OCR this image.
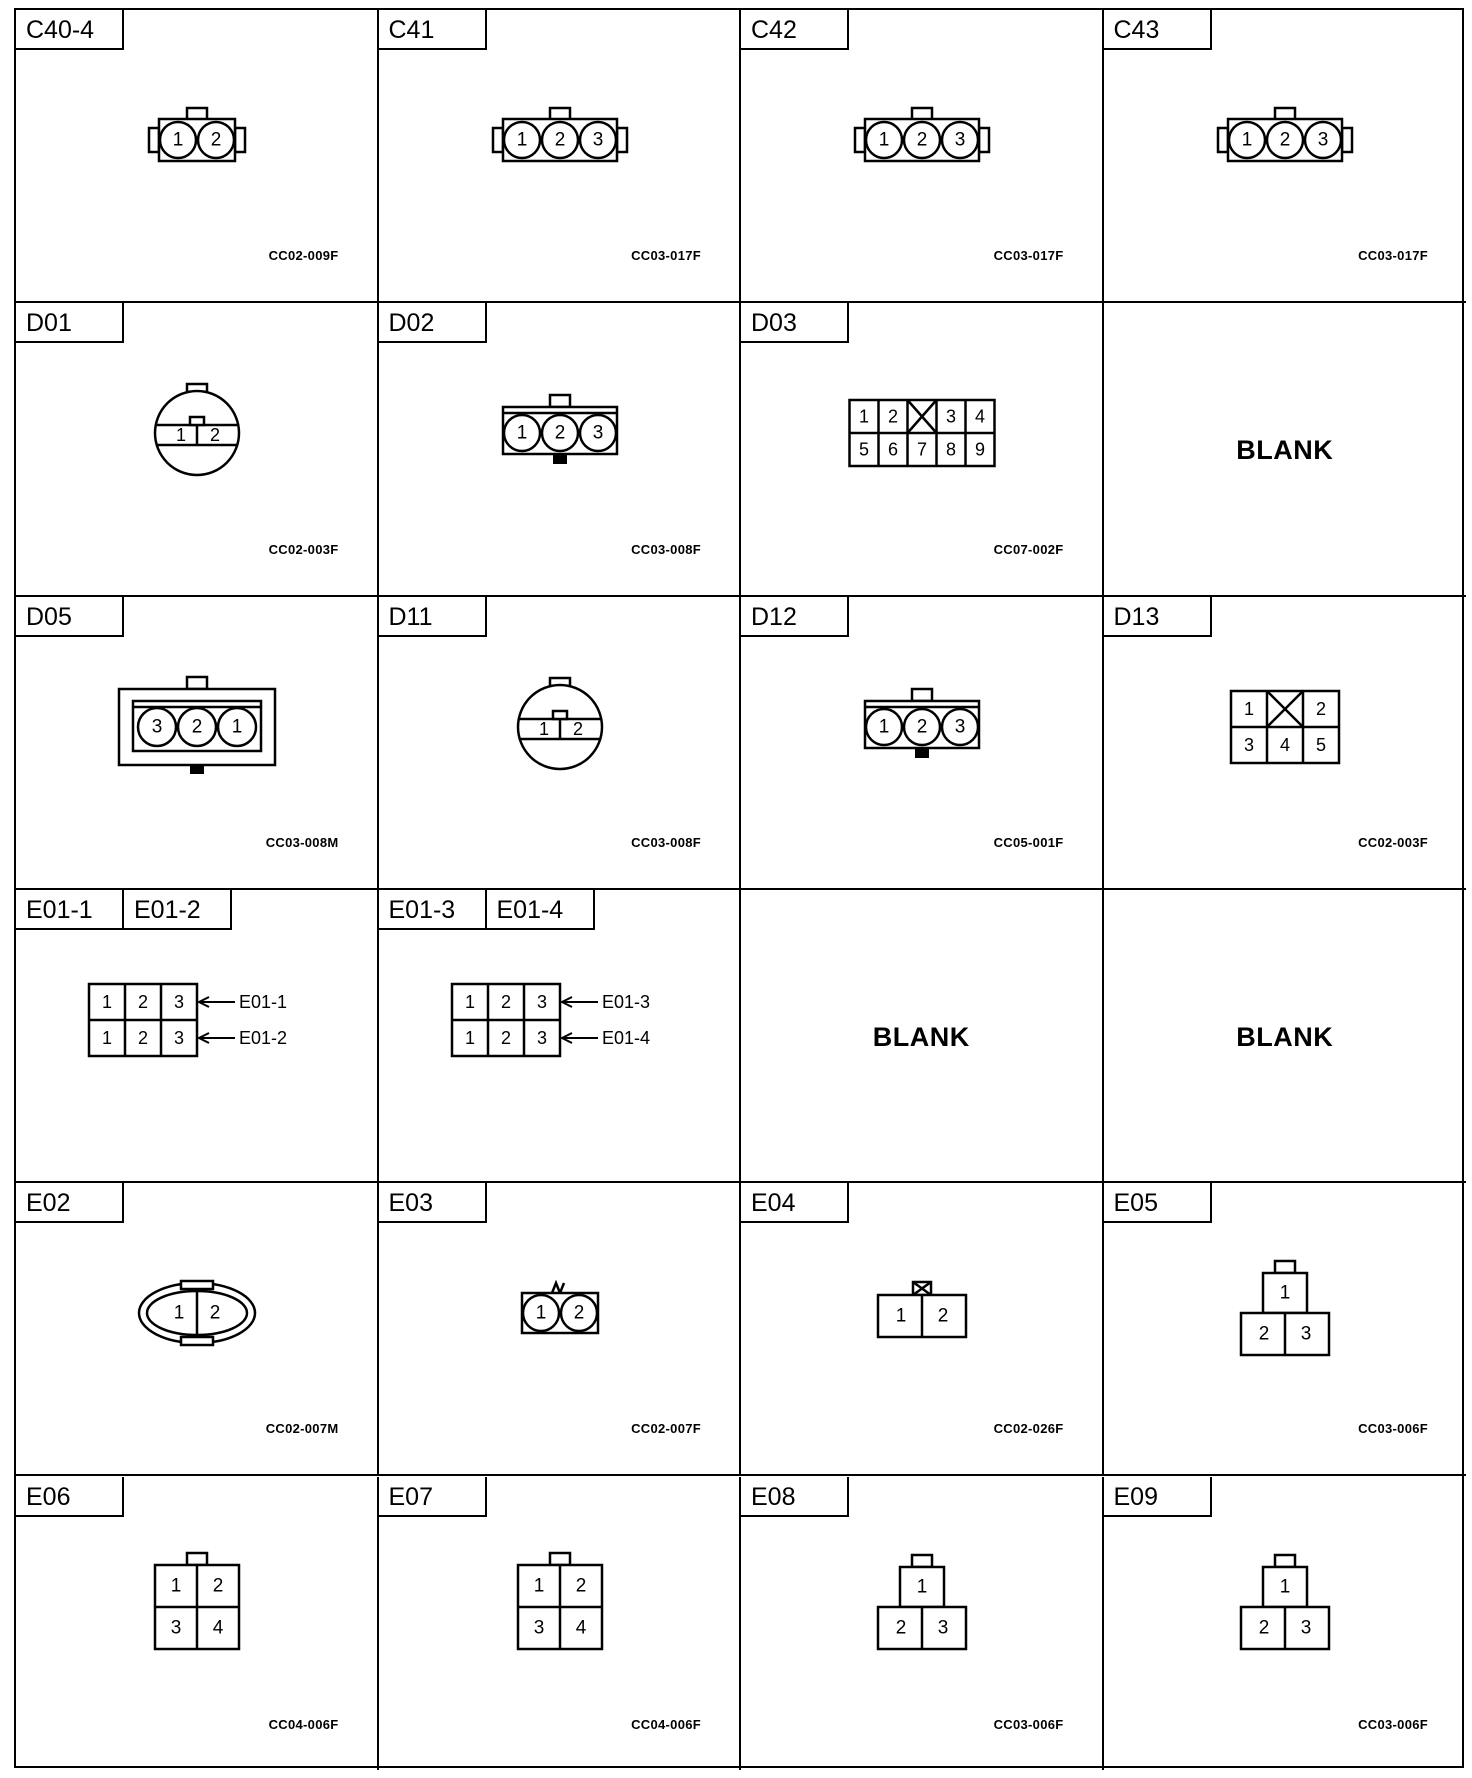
C40-4
1 2
CC02-009F
C41
1 2 3
CC03-017F
C42
1 2 3
CC03-017F
C43
1 2 3
CC03-017F
D01
1 2
CC02-003F
D02
1 2 3
CC03-008F
D03
1 2	3 4
5 6 7 8 9
CC07-002F
BLANK
D05
3 2 1
CC03-008M
D11
1 2
CC03-008F
D12
1 2 3
CC05-001F
D13
1	2
3 4 5
CC02-003F
E01-1	E01-2
1 2 3
1 2 3
E01-1
E01-2
E01-3	E01-4
1 2 3
1 2 3
E01-3
E01-4	BLANK	BLANK
E02
1 2
CC02-007M
E03
1 2
CC02-007F
E04
1 2
CC02-026F
E05
1
2 3
CC03-006F
E06
1 2
3 4
CC04-006F
E07
1 2
3 4
CC04-006F
E08
1
2 3
CC03-006F
E09
1
2 3
CC03-006F
